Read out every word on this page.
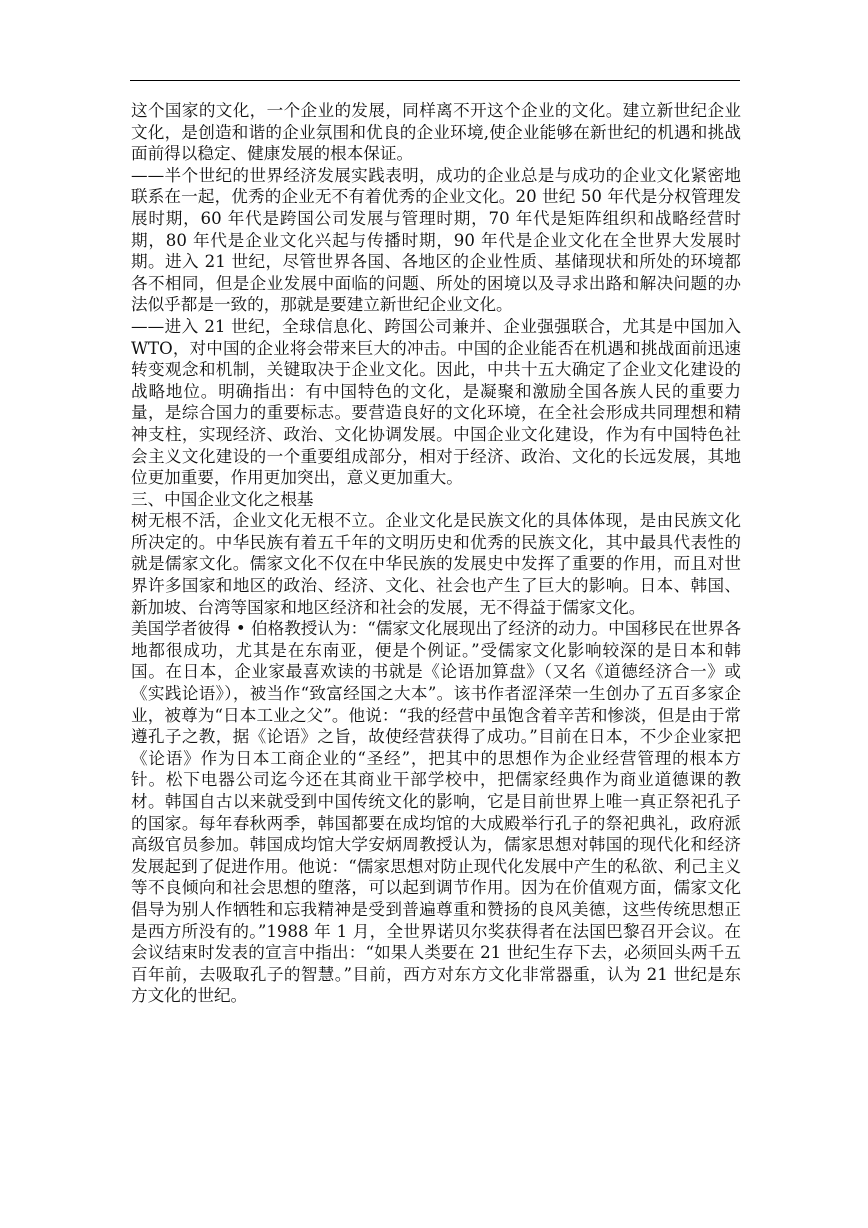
这个国家的文化，一个企业的发展，同样离不开这个企业的文化。建立新世纪企业文化，是创造和谐的企业氛围和优良的企业环境,使企业能够在新世纪的机遇和挑战面前得以稳定、健康发展的根本保证。

——半个世纪的世界经济发展实践表明，成功的企业总是与成功的企业文化紧密地联系在一起，优秀的企业无不有着优秀的企业文化。20 世纪 50 年代是分权管理发展时期，60 年代是跨国公司发展与管理时期，70 年代是矩阵组织和战略经营时期，80 年代是企业文化兴起与传播时期，90 年代是企业文化在全世界大发展时期。进入 21 世纪，尽管世界各国、各地区的企业性质、基储现状和所处的环境都各不相同，但是企业发展中面临的问题、所处的困境以及寻求出路和解决问题的办法似乎都是一致的，那就是要建立新世纪企业文化。

——进入 21 世纪，全球信息化、跨国公司兼并、企业强强联合，尤其是中国加入 WTO，对中国的企业将会带来巨大的冲击。中国的企业能否在机遇和挑战面前迅速转变观念和机制，关键取决于企业文化。因此，中共十五大确定了企业文化建设的战略地位。明确指出：有中国特色的文化，是凝聚和激励全国各族人民的重要力量，是综合国力的重要标志。要营造良好的文化环境，在全社会形成共同理想和精神支柱，实现经济、政治、文化协调发展。中国企业文化建设，作为有中国特色社会主义文化建设的一个重要组成部分，相对于经济、政治、文化的长远发展，其地位更加重要，作用更加突出，意义更加重大。

三、中国企业文化之根基

树无根不活，企业文化无根不立。企业文化是民族文化的具体体现，是由民族文化所决定的。中华民族有着五千年的文明历史和优秀的民族文化，其中最具代表性的就是儒家文化。儒家文化不仅在中华民族的发展史中发挥了重要的作用，而且对世界许多国家和地区的政治、经济、文化、社会也产生了巨大的影响。日本、韩国、新加坡、台湾等国家和地区经济和社会的发展，无不得益于儒家文化。

美国学者彼得 • 伯格教授认为：“儒家文化展现出了经济的动力。中国移民在世界各地都很成功，尤其是在东南亚，便是个例证。”受儒家文化影响较深的是日本和韩国。在日本，企业家最喜欢读的书就是《论语加算盘》（又名《道德经济合一》或《实践论语》），被当作“致富经国之大本”。该书作者涩泽荣一生创办了五百多家企业，被尊为“日本工业之父”。他说：“我的经营中虽饱含着辛苦和惨淡，但是由于常遵孔子之教，据《论语》之旨，故使经营获得了成功。”目前在日本，不少企业家把《论语》作为日本工商企业的“圣经”，把其中的思想作为企业经营管理的根本方针。松下电器公司迄今还在其商业干部学校中，把儒家经典作为商业道德课的教材。韩国自古以来就受到中国传统文化的影响，它是目前世界上唯一真正祭祀孔子的国家。每年春秋两季，韩国都要在成均馆的大成殿举行孔子的祭祀典礼，政府派高级官员参加。韩国成均馆大学安炳周教授认为，儒家思想对韩国的现代化和经济发展起到了促进作用。他说：“儒家思想对防止现代化发展中产生的私欲、利己主义等不良倾向和社会思想的堕落，可以起到调节作用。因为在价值观方面，儒家文化倡导为别人作牺牲和忘我精神是受到普遍尊重和赞扬的良风美德，这些传统思想正是西方所没有的。”1988 年 1 月，全世界诺贝尔奖获得者在法国巴黎召开会议。在会议结束时发表的宣言中指出：“如果人类要在 21 世纪生存下去，必须回头两千五百年前，去吸取孔子的智慧。”目前，西方对东方文化非常器重，认为 21 世纪是东方文化的世纪。
